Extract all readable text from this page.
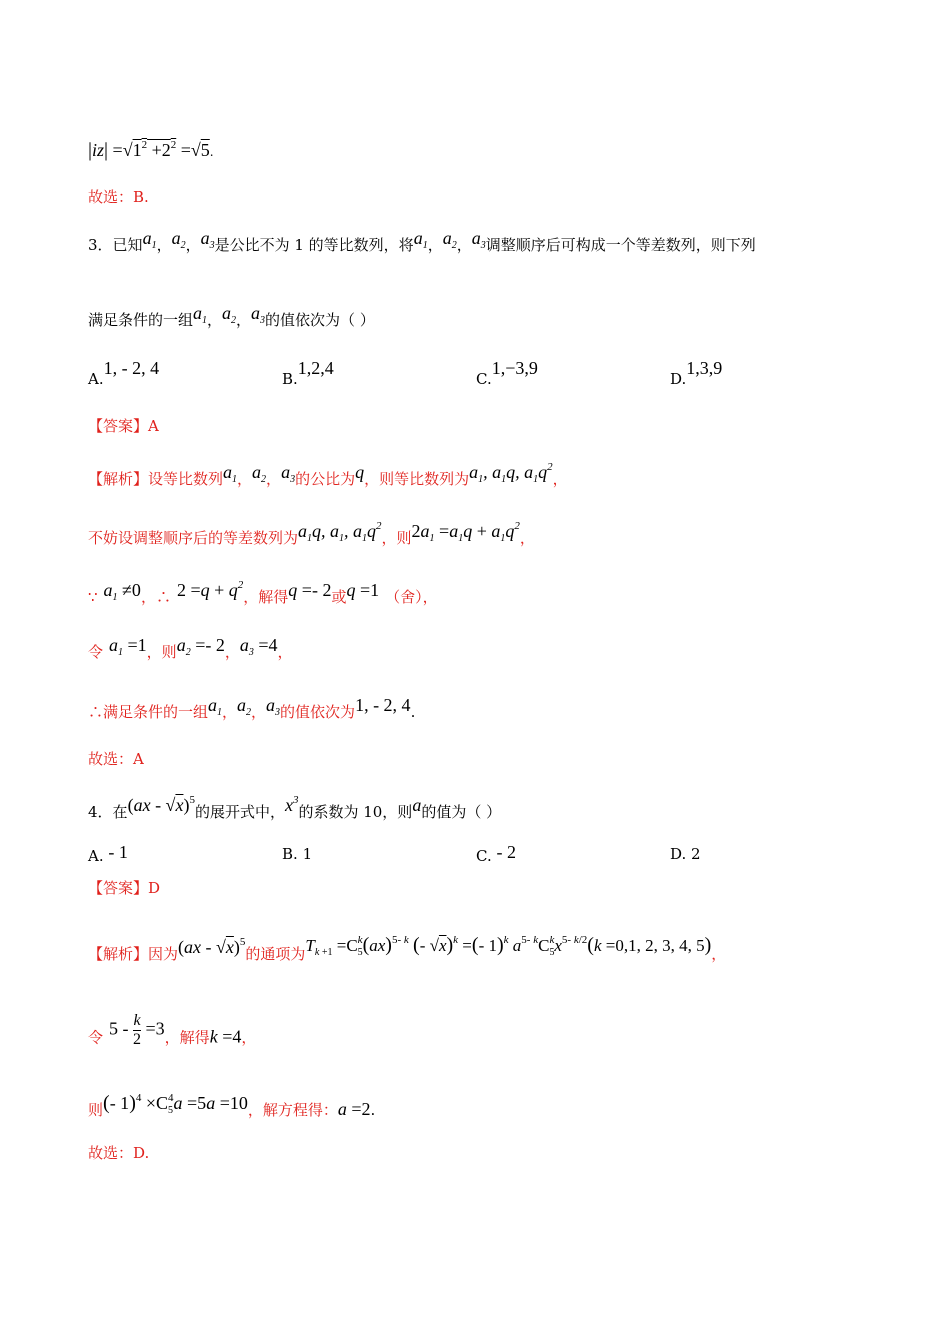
$|iz| =√1^2 +2^2 =√5$.
故选：B.
3．已知$a_1$，$a_2$，$a_3$是公比不为 1 的等比数列，将$a_1$，$a_2$，$a_3$调整顺序后可构成一个等差数列，则下列
满足条件的一组$a_1$，$a_2$，$a_3$的值依次为（ ）
A.1, - 2, 4
B.1,2,4
C.1,−3,9
D.1,3,9
【答案】A
【解析】设等比数列$a_1$，$a_2$，$a_3$的公比为q，则等比数列为$a_1$, $a_1q$, $a_1q^2$，
不妨设调整顺序后的等差数列为$a_1q$, $a_1$, $a_1q^2$，则$2a_1 =a_1q + a_1q^2$，
∵ $a_1 \ne 0$，∴ $2 =q + q^2$，解得q =- 2或q =1 （舍），
令 $a_1 =1$，则$a_2 =- 2$，$a_3 =4$，
∴满足条件的一组$a_1$，$a_2$，$a_3$的值依次为1, - 2, 4.
故选：A
4．在(ax - √x)$^5$的展开式中，$x^3$的系数为 10，则a的值为（ ）
A. - 1	B. 1	C. - 2	D. 2
【答案】D
【解析】因为(ax - √x)$^5$的通项为$T_{k +1} =C_5^k(ax)^{5- k}$ (- √x)$^k$ =(- 1)$^k$ $a^{5- k}C_5^kx^{5- k/2}(k =0,1$, 2, 3, 4, 5)，
令 $5 - \frac{k}{2} =3$，解得k =4，
则(- $1)^4 \times C_5^4a =5a =10$，解方程得：a =2.
故选：D.
